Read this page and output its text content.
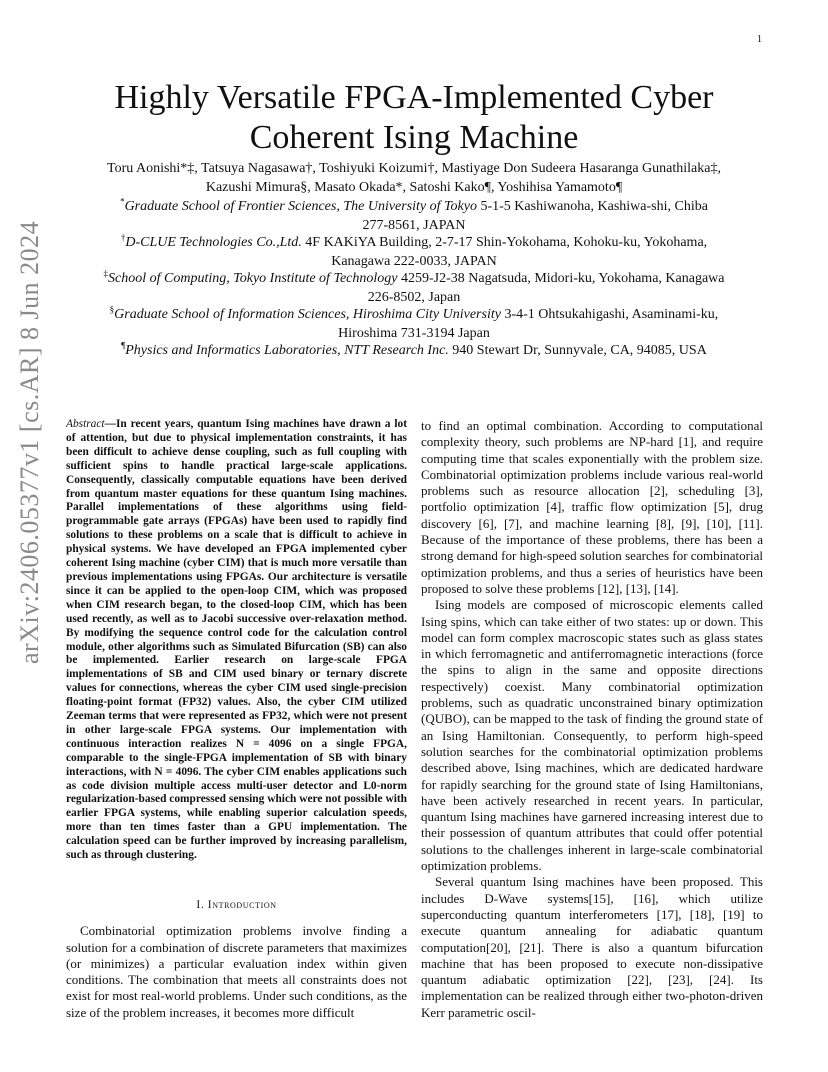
1
arXiv:2406.05377v1 [cs.AR] 8 Jun 2024
Highly Versatile FPGA-Implemented Cyber
Coherent Ising Machine
Toru Aonishi*‡, Tatsuya Nagasawa†, Toshiyuki Koizumi†, Mastiyage Don Sudeera Hasaranga Gunathilaka‡,
Kazushi Mimura§, Masato Okada*, Satoshi Kako¶, Yoshihisa Yamamoto¶
*Graduate School of Frontier Sciences, The University of Tokyo 5-1-5 Kashiwanoha, Kashiwa-shi, Chiba
277-8561, JAPAN
†D-CLUE Technologies Co.,Ltd. 4F KAKiYA Building, 2-7-17 Shin-Yokohama, Kohoku-ku, Yokohama,
Kanagawa 222-0033, JAPAN
‡School of Computing, Tokyo Institute of Technology 4259-J2-38 Nagatsuda, Midori-ku, Yokohama, Kanagawa
226-8502, Japan
§Graduate School of Information Sciences, Hiroshima City University 3-4-1 Ohtsukahigashi, Asaminami-ku,
Hiroshima 731-3194 Japan
¶Physics and Informatics Laboratories, NTT Research Inc. 940 Stewart Dr, Sunnyvale, CA, 94085, USA

Abstract—In recent years, quantum Ising machines have drawn a lot of attention, but due to physical implementation constraints, it has been difficult to achieve dense coupling, such as full coupling with sufficient spins to handle practical large-scale applications. Consequently, classically computable equations have been derived from quantum master equations for these quantum Ising machines. Parallel implementations of these algorithms using field-programmable gate arrays (FPGAs) have been used to rapidly find solutions to these problems on a scale that is difficult to achieve in physical systems. We have developed an FPGA implemented cyber coherent Ising machine (cyber CIM) that is much more versatile than previous implementations using FPGAs. Our architecture is versatile since it can be applied to the open-loop CIM, which was proposed when CIM research began, to the closed-loop CIM, which has been used recently, as well as to Jacobi successive over-relaxation method. By modifying the sequence control code for the calculation control module, other algorithms such as Simulated Bifurcation (SB) can also be implemented. Earlier research on large-scale FPGA implementations of SB and CIM used binary or ternary discrete values for connections, whereas the cyber CIM used single-precision floating-point format (FP32) values. Also, the cyber CIM utilized Zeeman terms that were represented as FP32, which were not present in other large-scale FPGA systems. Our implementation with continuous interaction realizes N = 4096 on a single FPGA, comparable to the single-FPGA implementation of SB with binary interactions, with N = 4096. The cyber CIM enables applications such as code division multiple access multi-user detector and L0-norm regularization-based compressed sensing which were not possible with earlier FPGA systems, while enabling superior calculation speeds, more than ten times faster than a GPU implementation. The calculation speed can be further improved by increasing parallelism, such as through clustering.

I. Introduction

Combinatorial optimization problems involve finding a solution for a combination of discrete parameters that maximizes (or minimizes) a particular evaluation index within given conditions. The combination that meets all constraints does not exist for most real-world problems. Under such conditions, as the size of the problem increases, it becomes more difficult

to find an optimal combination. According to computational complexity theory, such problems are NP-hard [1], and require computing time that scales exponentially with the problem size. Combinatorial optimization problems include various real-world problems such as resource allocation [2], scheduling [3], portfolio optimization [4], traffic flow optimization [5], drug discovery [6], [7], and machine learning [8], [9], [10], [11]. Because of the importance of these problems, there has been a strong demand for high-speed solution searches for combinatorial optimization problems, and thus a series of heuristics have been proposed to solve these problems [12], [13], [14].

Ising models are composed of microscopic elements called Ising spins, which can take either of two states: up or down. This model can form complex macroscopic states such as glass states in which ferromagnetic and antiferromagnetic interactions (force the spins to align in the same and opposite directions respectively) coexist. Many combinatorial optimization problems, such as quadratic unconstrained binary optimization (QUBO), can be mapped to the task of finding the ground state of an Ising Hamiltonian. Consequently, to perform high-speed solution searches for the combinatorial optimization problems described above, Ising machines, which are dedicated hardware for rapidly searching for the ground state of Ising Hamiltonians, have been actively researched in recent years. In particular, quantum Ising machines have garnered increasing interest due to their possession of quantum attributes that could offer potential solutions to the challenges inherent in large-scale combinatorial optimization problems.

Several quantum Ising machines have been proposed. This includes D-Wave systems[15], [16], which utilize superconducting quantum interferometers [17], [18], [19] to execute quantum annealing for adiabatic quantum computation[20], [21]. There is also a quantum bifurcation machine that has been proposed to execute non-dissipative quantum adiabatic optimization [22], [23], [24]. Its implementation can be realized through either two-photon-driven Kerr parametric oscil-
